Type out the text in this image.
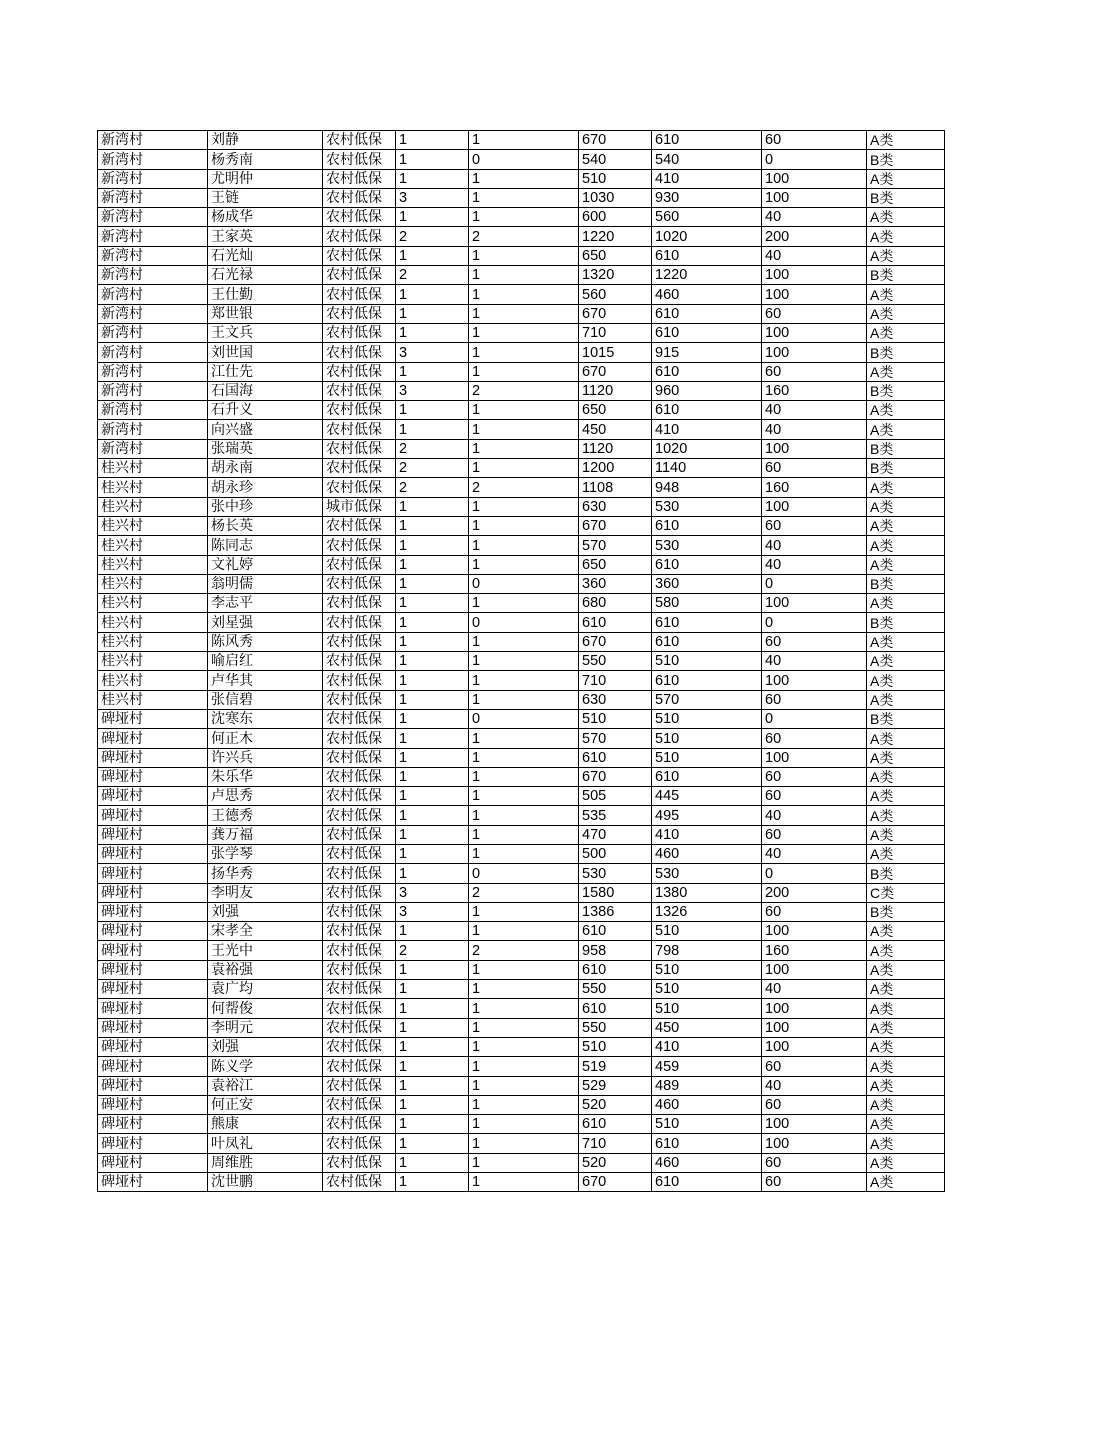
新湾村	刘静	农村低保	1	1	670	610	60	A类
新湾村	杨秀南	农村低保	1	0	540	540	0	B类
新湾村	尤明仲	农村低保	1	1	510	410	100	A类
新湾村	王链	农村低保	3	1	1030	930	100	B类
新湾村	杨成华	农村低保	1	1	600	560	40	A类
新湾村	王家英	农村低保	2	2	1220	1020	200	A类
新湾村	石光灿	农村低保	1	1	650	610	40	A类
新湾村	石光禄	农村低保	2	1	1320	1220	100	B类
新湾村	王仕勤	农村低保	1	1	560	460	100	A类
新湾村	郑世银	农村低保	1	1	670	610	60	A类
新湾村	王文兵	农村低保	1	1	710	610	100	A类
新湾村	刘世国	农村低保	3	1	1015	915	100	B类
新湾村	江仕先	农村低保	1	1	670	610	60	A类
新湾村	石国海	农村低保	3	2	1120	960	160	B类
新湾村	石升义	农村低保	1	1	650	610	40	A类
新湾村	向兴盛	农村低保	1	1	450	410	40	A类
新湾村	张瑞英	农村低保	2	1	1120	1020	100	B类
桂兴村	胡永南	农村低保	2	1	1200	1140	60	B类
桂兴村	胡永珍	农村低保	2	2	1108	948	160	A类
桂兴村	张中珍	城市低保	1	1	630	530	100	A类
桂兴村	杨长英	农村低保	1	1	670	610	60	A类
桂兴村	陈同志	农村低保	1	1	570	530	40	A类
桂兴村	文礼婷	农村低保	1	1	650	610	40	A类
桂兴村	翁明儒	农村低保	1	0	360	360	0	B类
桂兴村	李志平	农村低保	1	1	680	580	100	A类
桂兴村	刘星强	农村低保	1	0	610	610	0	B类
桂兴村	陈风秀	农村低保	1	1	670	610	60	A类
桂兴村	喻启红	农村低保	1	1	550	510	40	A类
桂兴村	卢华其	农村低保	1	1	710	610	100	A类
桂兴村	张信碧	农村低保	1	1	630	570	60	A类
碑垭村	沈寒东	农村低保	1	0	510	510	0	B类
碑垭村	何正木	农村低保	1	1	570	510	60	A类
碑垭村	许兴兵	农村低保	1	1	610	510	100	A类
碑垭村	朱乐华	农村低保	1	1	670	610	60	A类
碑垭村	卢思秀	农村低保	1	1	505	445	60	A类
碑垭村	王德秀	农村低保	1	1	535	495	40	A类
碑垭村	龚万福	农村低保	1	1	470	410	60	A类
碑垭村	张学琴	农村低保	1	1	500	460	40	A类
碑垭村	扬华秀	农村低保	1	0	530	530	0	B类
碑垭村	李明友	农村低保	3	2	1580	1380	200	C类
碑垭村	刘强	农村低保	3	1	1386	1326	60	B类
碑垭村	宋孝全	农村低保	1	1	610	510	100	A类
碑垭村	王光中	农村低保	2	2	958	798	160	A类
碑垭村	袁裕强	农村低保	1	1	610	510	100	A类
碑垭村	袁广均	农村低保	1	1	550	510	40	A类
碑垭村	何帮俊	农村低保	1	1	610	510	100	A类
碑垭村	李明元	农村低保	1	1	550	450	100	A类
碑垭村	刘强	农村低保	1	1	510	410	100	A类
碑垭村	陈义学	农村低保	1	1	519	459	60	A类
碑垭村	袁裕江	农村低保	1	1	529	489	40	A类
碑垭村	何正安	农村低保	1	1	520	460	60	A类
碑垭村	熊康	农村低保	1	1	610	510	100	A类
碑垭村	叶凤礼	农村低保	1	1	710	610	100	A类
碑垭村	周维胜	农村低保	1	1	520	460	60	A类
碑垭村	沈世鹏	农村低保	1	1	670	610	60	A类
